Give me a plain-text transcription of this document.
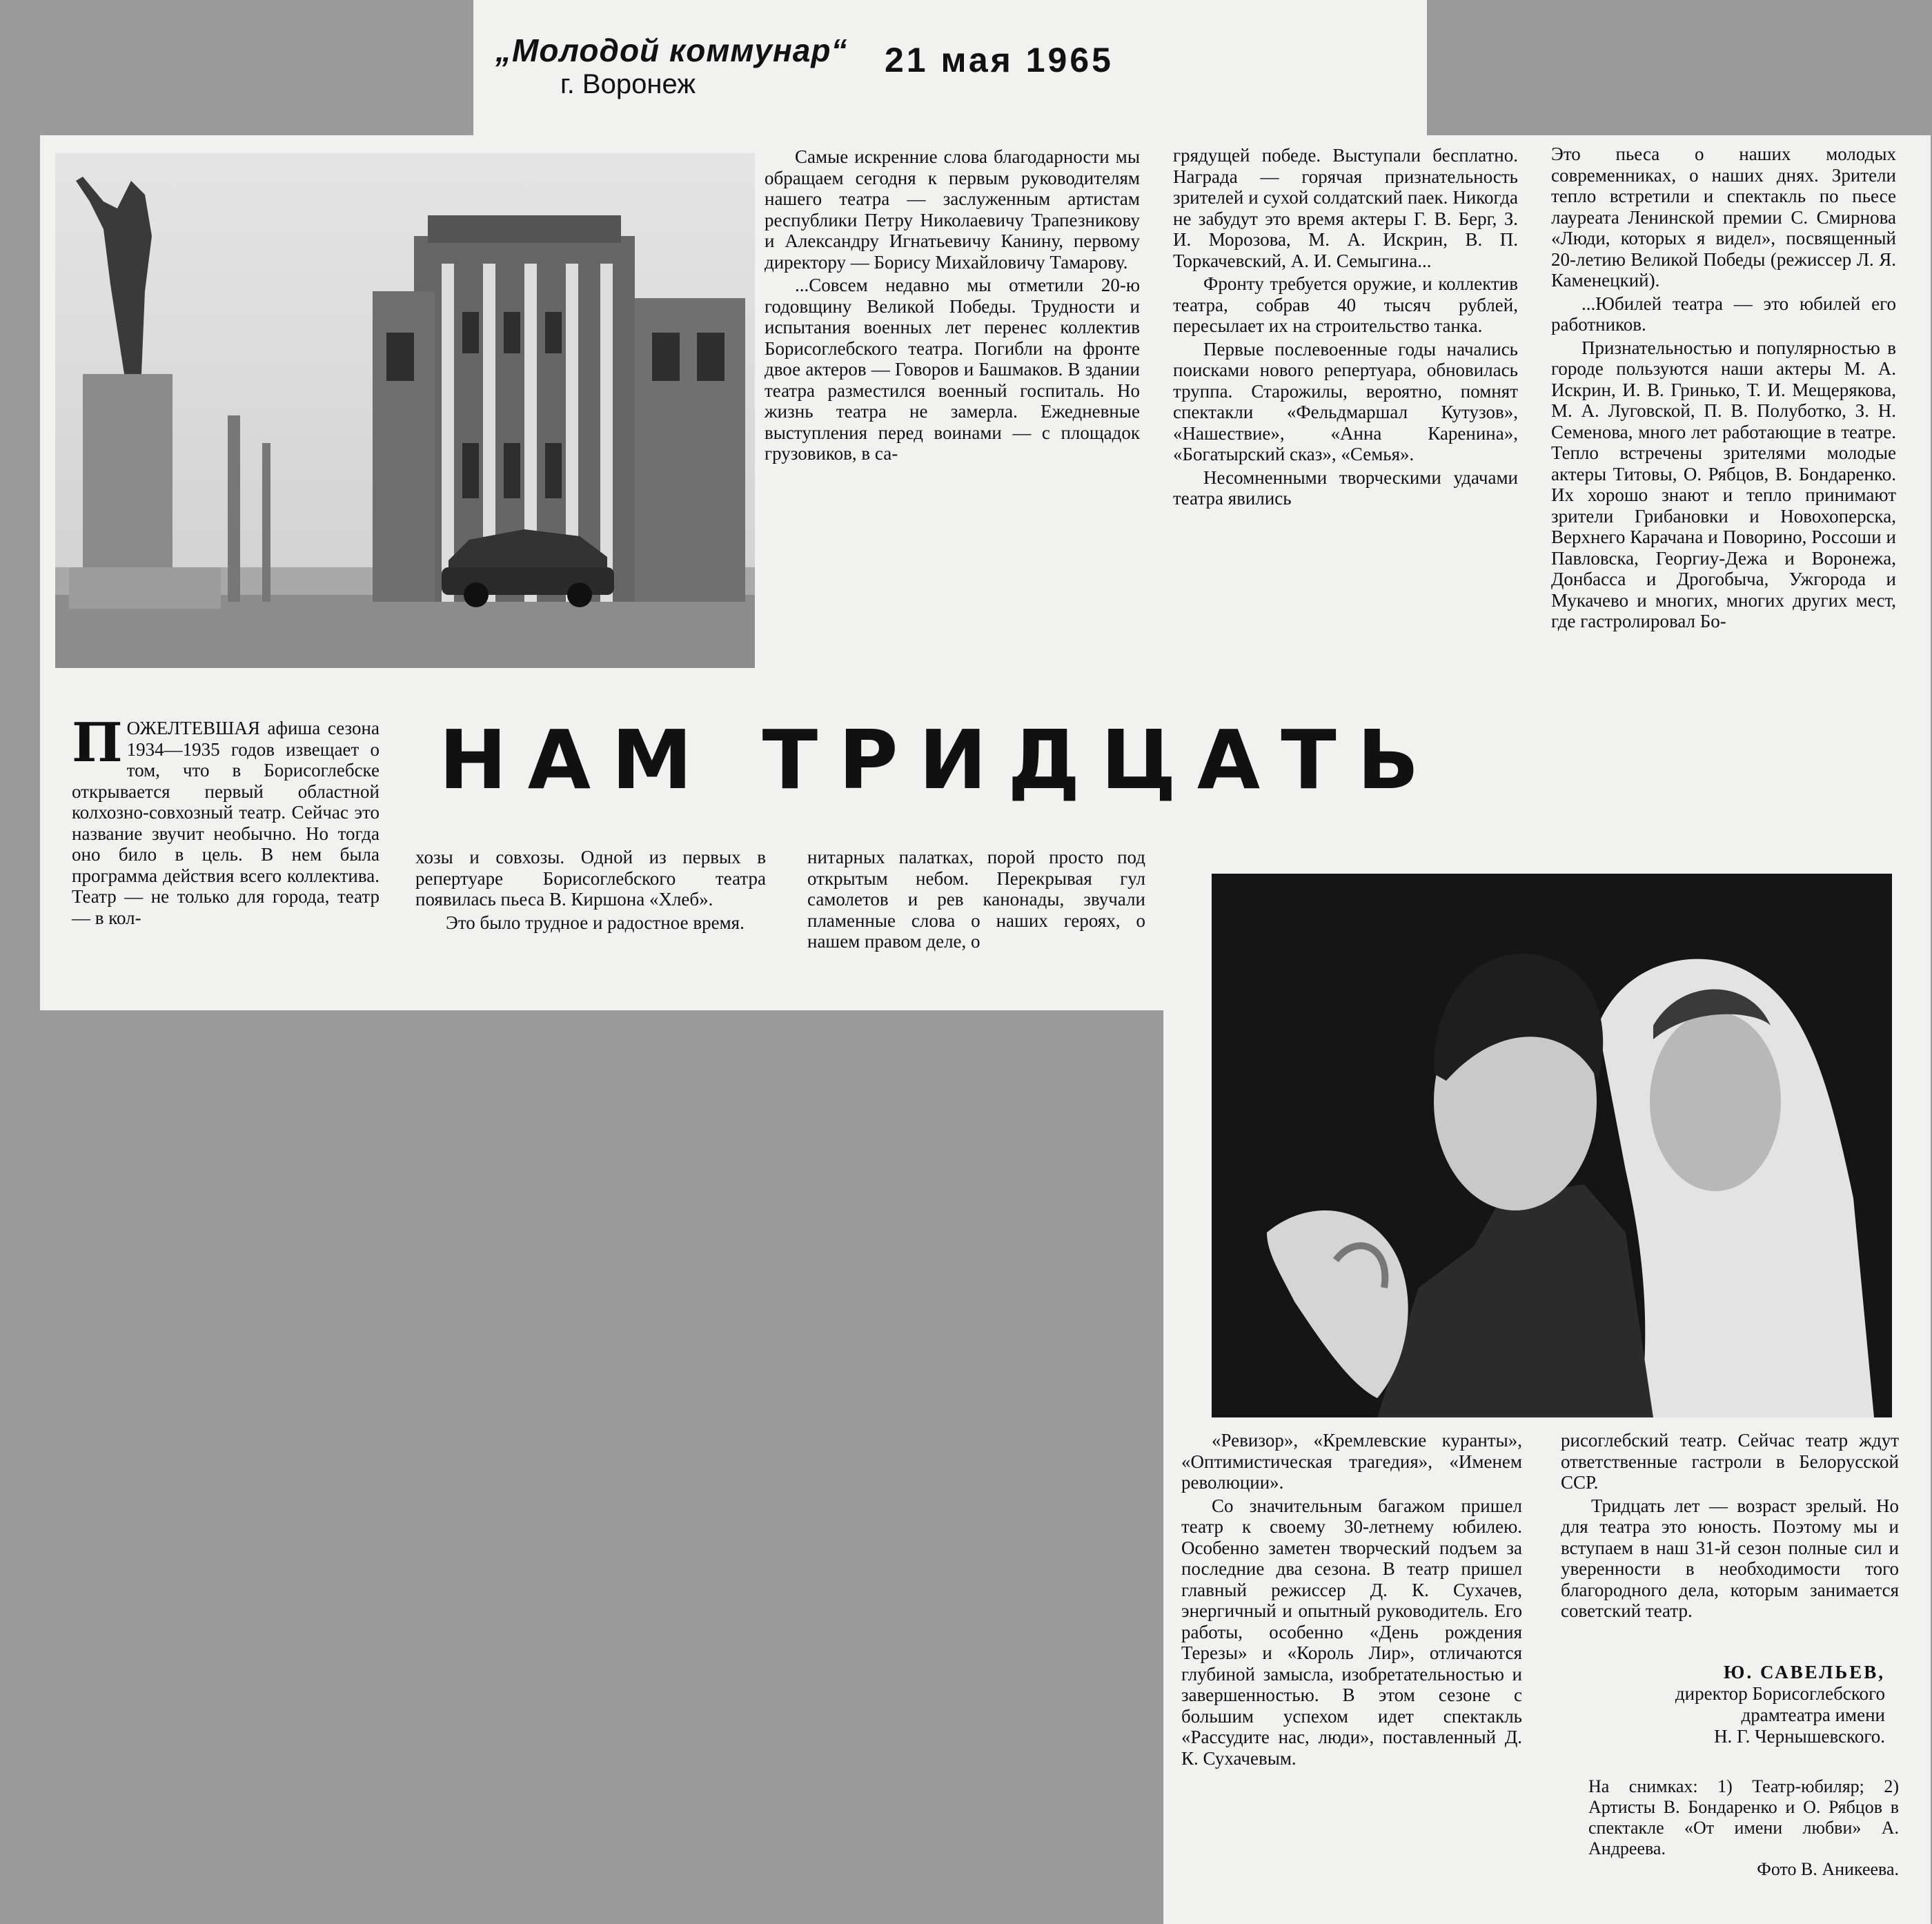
„Молодой коммунар“
г. Воронеж
21 мая 1965
НАМ ТРИДЦАТЬ

ПОЖЕЛТЕВШАЯ афиша сезона 1934—1935 годов извещает о том, что в Борисоглебске открывается первый областной колхозно-совхозный театр. Сейчас это название звучит необычно. Но тогда оно било в цель. В нем была программа действия всего коллектива. Театр — не только для города, театр — в кол-

хозы и совхозы. Одной из первых в репертуаре Борисоглебского театра появилась пьеса В. Киршона «Хлеб».

Это было трудное и радостное время.

нитарных палатках, порой просто под открытым небом. Перекрывая гул самолетов и рев канонады, звучали пламенные слова о наших героях, о нашем правом деле, о

Самые искренние слова благодарности мы обращаем сегодня к первым руководителям нашего театра — заслуженным артистам республики Петру Николаевичу Трапезникову и Александру Игнатьевичу Канину, первому директору — Борису Михайловичу Тамарову.

...Совсем недавно мы отметили 20-ю годовщину Великой Победы. Трудности и испытания военных лет перенес коллектив Борисоглебского театра. Погибли на фронте двое актеров — Говоров и Башмаков. В здании театра разместился военный госпиталь. Но жизнь театра не замерла. Ежедневные выступления перед воинами — с площадок грузовиков, в са-

грядущей победе. Выступали бесплатно. Награда — горячая признательность зрителей и сухой солдатский паек. Никогда не забудут это время актеры Г. В. Берг, З. И. Морозова, М. А. Искрин, В. П. Торкачевский, А. И. Семыгина...

Фронту требуется оружие, и коллектив театра, собрав 40 тысяч рублей, пересылает их на строительство танка.

Первые послевоенные годы начались поисками нового репертуара, обновилась труппа. Старожилы, вероятно, помнят спектакли «Фельдмаршал Кутузов», «Нашествие», «Анна Каренина», «Богатырский сказ», «Семья».

Несомненными творческими удачами театра явились

Это пьеса о наших молодых современниках, о наших днях. Зрители тепло встретили и спектакль по пьесе лауреата Ленинской премии С. Смирнова «Люди, которых я видел», посвященный 20-летию Великой Победы (режиссер Л. Я. Каменецкий).

...Юбилей театра — это юбилей его работников.

Признательностью и популярностью в городе пользуются наши актеры М. А. Искрин, И. В. Гринько, Т. И. Мещерякова, М. А. Луговской, П. В. Полуботко, З. Н. Семенова, много лет работающие в театре. Тепло встречены зрителями молодые актеры Титовы, О. Рябцов, В. Бондаренко. Их хорошо знают и тепло принимают зрители Грибановки и Новохоперска, Верхнего Карачана и Поворино, Россоши и Павловска, Георгиу-Дежа и Воронежа, Донбасса и Дрогобыча, Ужгорода и Мукачево и многих, многих других мест, где гастролировал Бо-

«Ревизор», «Кремлевские куранты», «Оптимистическая трагедия», «Именем революции».

Со значительным багажом пришел театр к своему 30-летнему юбилею. Особенно заметен творческий подъем за последние два сезона. В театр пришел главный режиссер Д. К. Сухачев, энергичный и опытный руководитель. Его работы, особенно «День рождения Терезы» и «Король Лир», отличаются глубиной замысла, изобретательностью и завершенностью. В этом сезоне с большим успехом идет спектакль «Рассудите нас, люди», поставленный Д. К. Сухачевым.

рисоглебский театр. Сейчас театр ждут ответственные гастроли в Белорусской ССР.

Тридцать лет — возраст зрелый. Но для театра это юность. Поэтому мы и вступаем в наш 31-й сезон полные сил и уверенности в необходимости того благородного дела, которым занимается советский театр.

Ю. САВЕЛЬЕВ,
директор Борисоглебского
драмтеатра имени
Н. Г. Чернышевского.
На снимках: 1) Театр-юбиляр; 2) Артисты В. Бондаренко и О. Рябцов в спектакле «От имени любви» А. Андреева.
Фото В. Аникеева.
